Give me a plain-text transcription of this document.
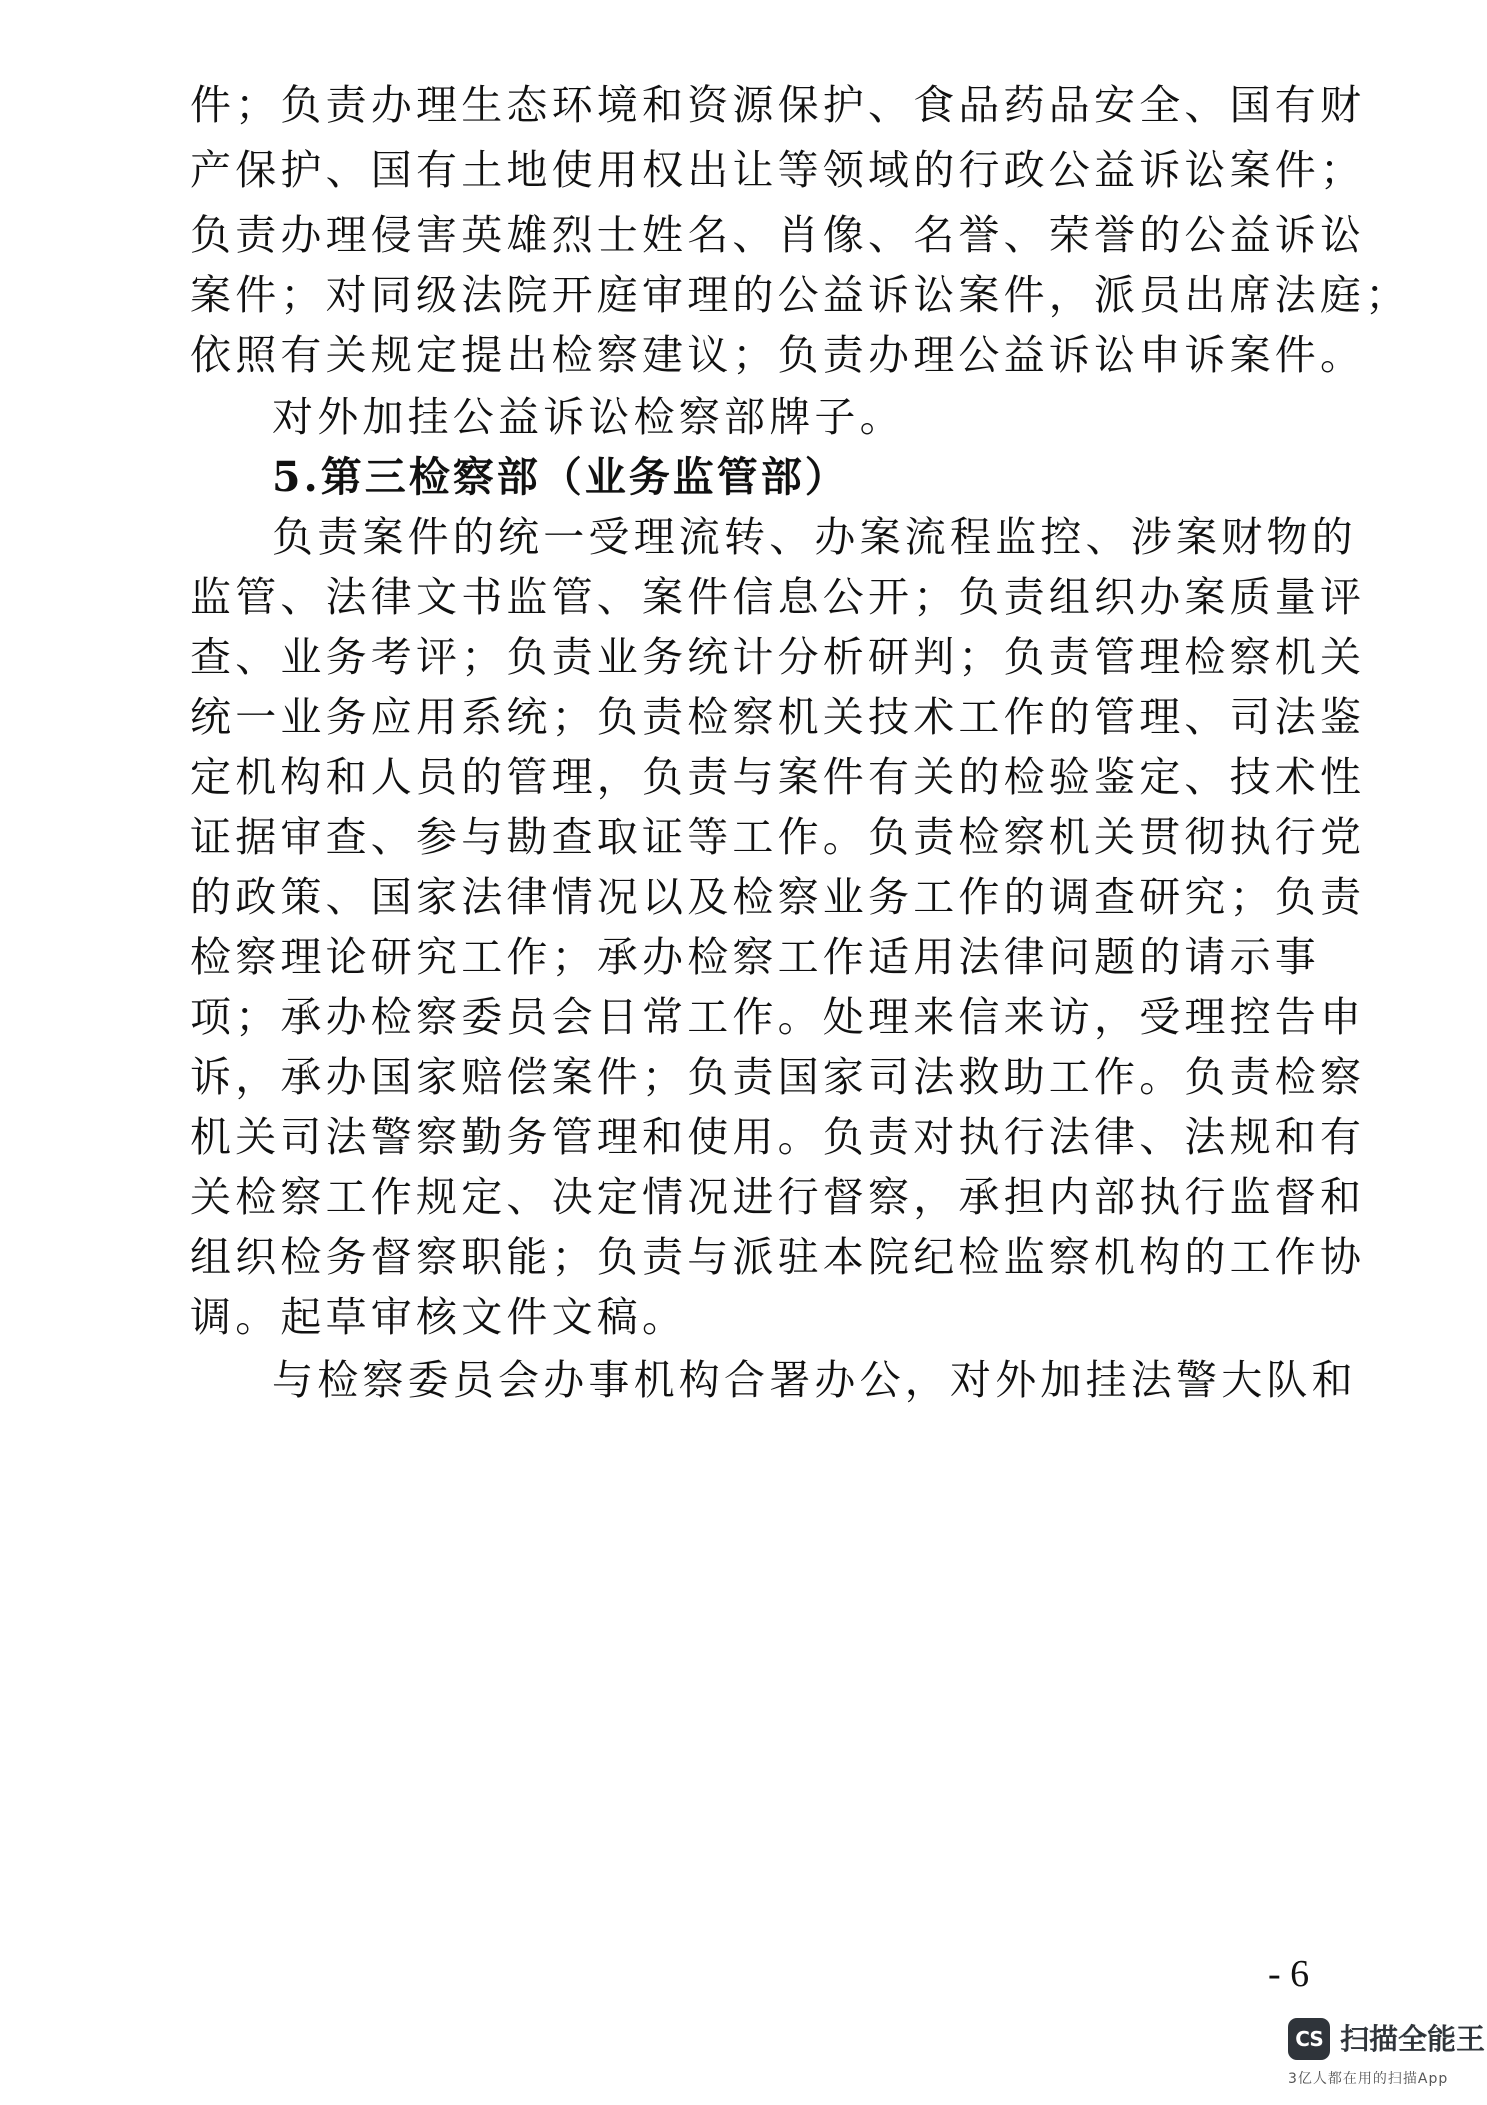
件；负责办理生态环境和资源保护、食品药品安全、国有财
产保护、国有土地使用权出让等领域的行政公益诉讼案件；
负责办理侵害英雄烈士姓名、肖像、名誉、荣誉的公益诉讼
案件；对同级法院开庭审理的公益诉讼案件，派员出席法庭；
依照有关规定提出检察建议；负责办理公益诉讼申诉案件。
对外加挂公益诉讼检察部牌子。
5.第三检察部（业务监管部）
负责案件的统一受理流转、办案流程监控、涉案财物的
监管、法律文书监管、案件信息公开；负责组织办案质量评
查、业务考评；负责业务统计分析研判；负责管理检察机关
统一业务应用系统；负责检察机关技术工作的管理、司法鉴
定机构和人员的管理，负责与案件有关的检验鉴定、技术性
证据审查、参与勘查取证等工作。负责检察机关贯彻执行党
的政策、国家法律情况以及检察业务工作的调查研究；负责
检察理论研究工作；承办检察工作适用法律问题的请示事
项；承办检察委员会日常工作。处理来信来访，受理控告申
诉，承办国家赔偿案件；负责国家司法救助工作。负责检察
机关司法警察勤务管理和使用。负责对执行法律、法规和有
关检察工作规定、决定情况进行督察，承担内部执行监督和
组织检务督察职能；负责与派驻本院纪检监察机构的工作协
调。起草审核文件文稿。
与检察委员会办事机构合署办公，对外加挂法警大队和
- 6
CS 扫描全能王
3亿人都在用的扫描App
